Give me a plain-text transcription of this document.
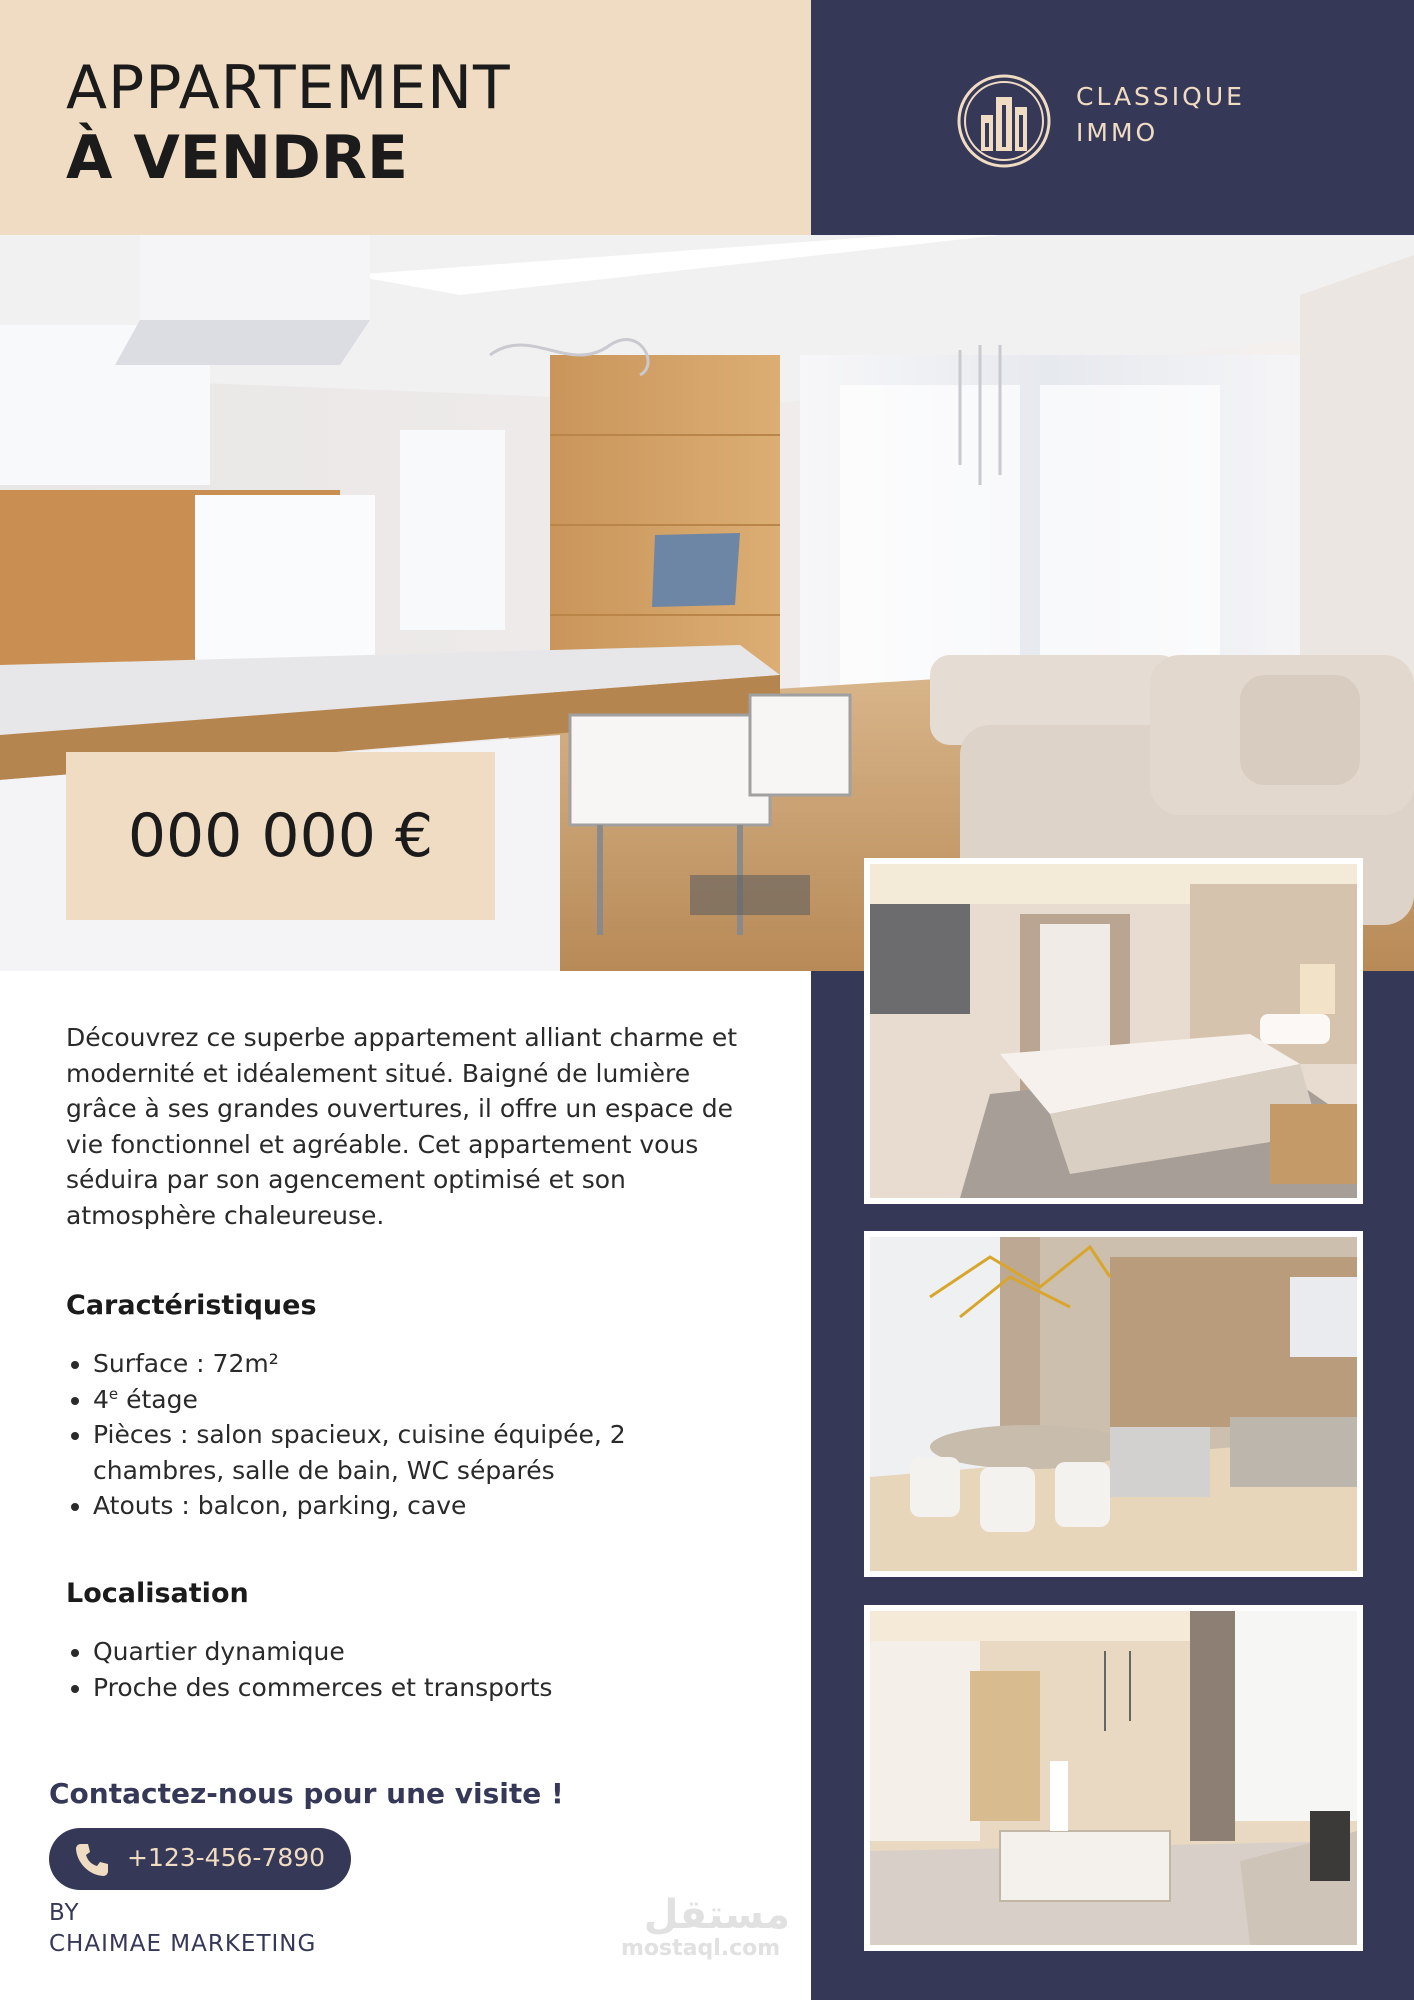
APPARTEMENT
À VENDRE
CLASSIQUE
IMMO
000 000 €

Découvrez ce superbe appartement alliant charme et modernité et idéalement situé. Baigné de lumière grâce à ses grandes ouvertures, il offre un espace de vie fonctionnel et agréable. Cet appartement vous séduira par son agencement optimisé et son atmosphère chaleureuse.

Caractéristiques
• Surface : 72m²
• 4e étage
• Pièces : salon spacieux, cuisine équipée, 2 chambres, salle de bain, WC séparés
• Atouts : balcon, parking, cave
Localisation
• Quartier dynamique
• Proche des commerces et transports
Contactez-nous pour une visite !
+123-456-7890
BY
CHAIMAE MARKETING
مستقل
mostaql.com
